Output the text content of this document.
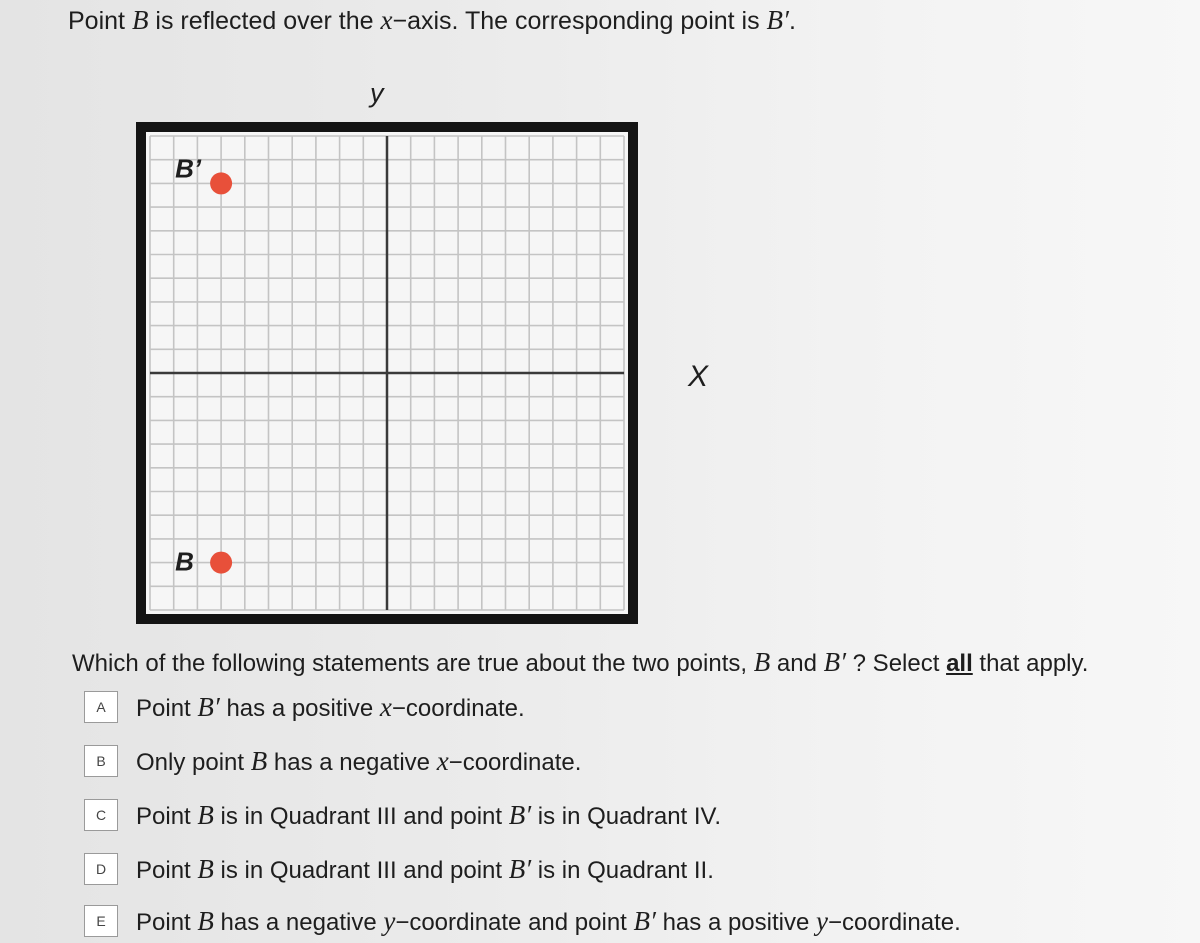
Point B is reflected over the x−axis. The corresponding point is B′.
y
X
B
B’
Which of the following statements are true about the two points, B and B′ ? Select all that apply.
A	Point B′ has a positive x−coordinate.
B	Only point B has a negative x−coordinate.
C	Point B is in Quadrant III and point B′ is in Quadrant IV.
D	Point B is in Quadrant III and point B′ is in Quadrant II.
E	Point B has a negative y−coordinate and point B′ has a positive y−coordinate.
